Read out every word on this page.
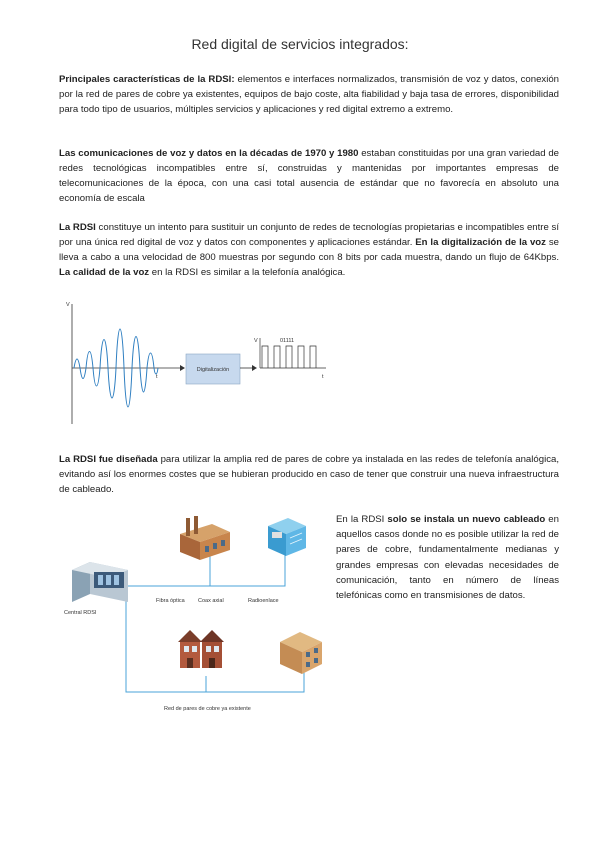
Red digital de servicios integrados:
Principales características de la RDSI: elementos e interfaces normalizados, transmisión de voz y datos, conexión por la red de pares de cobre ya existentes, equipos de bajo coste, alta fiabilidad y baja tasa de errores, disponibilidad para todo tipo de usuarios, múltiples servicios y aplicaciones y red digital extremo a extremo.
Las comunicaciones de voz y datos en la décadas de 1970 y 1980 estaban constituidas por una gran variedad de redes tecnológicas incompatibles entre sí, construidas y mantenidas por importantes empresas de telecomunicaciones de la época, con una casi total ausencia de estándar que no favorecía en absoluto una economía de escala
La RDSI constituye un intento para sustituir un conjunto de redes de tecnologías propietarias e incompatibles entre sí por una única red digital de voz y datos con componentes y aplicaciones estándar. En la digitalización de la voz se lleva a cabo a una velocidad de 800 muestras por segundo con 8 bits por cada muestra, dando un flujo de 64Kbps. La calidad de la voz en la RDSI es similar a la telefonía analógica.
V
t
Digitalización
V
t
01111
La RDSI fue diseñada para utilizar la amplia red de pares de cobre ya instalada en las redes de telefonía analógica, evitando así los enormes costes que se hubieran producido en caso de tener que construir una nueva infraestructura de cableado.
Central RDSI
Fibra óptica Coax axial	Radioenlace
Red de pares de cobre ya existente
En la RDSI solo se instala un nuevo cableado en aquellos casos donde no es posible utilizar la red de pares de cobre, fundamentalmente medianas y grandes empresas con elevadas necesidades de comunicación, tanto en número de líneas telefónicas como en transmisiones de datos.
